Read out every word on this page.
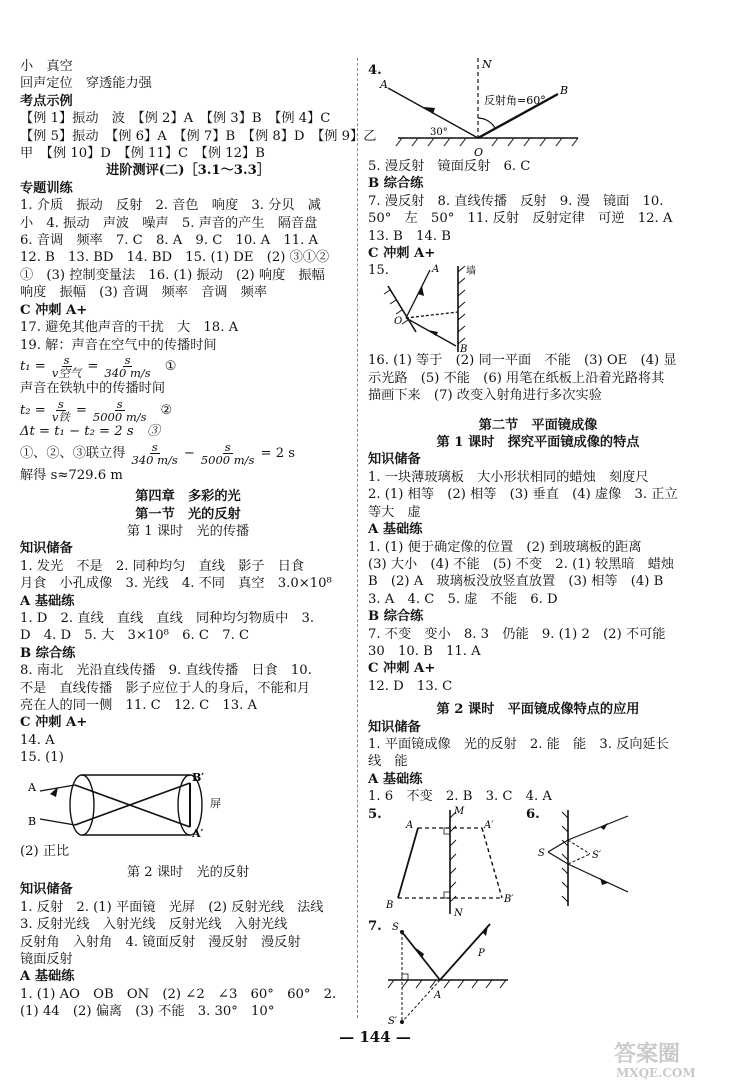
小　真空
回声定位　穿透能力强
考点示例
【例 1】振动　波　【例 2】A　【例 3】B　【例 4】C
【例 5】振动　【例 6】A　【例 7】B　【例 8】D　【例 9】乙
甲　【例 10】D　【例 11】C　【例 12】B
进阶测评(二)［3.1～3.3］
专题训练
1. 介质　振动　反射　2. 音色　响度　3. 分贝　减
小　4. 振动　声波　噪声　5. 声音的产生　隔音盘
6. 音调　频率　7. C　8. A　9. C　10. A　11. A
12. B　13. BD　14. BD　15. (1) DE　(2) ③①②
①　(3) 控制变量法　16. (1) 振动　(2) 响度　振幅
响度　振幅　(3) 音调　频率　音调　频率
C 冲刺 A+
17. 避免其他声音的干扰　大　18. A
19. 解：声音在空气中的传播时间
$t_1 = \frac{s}{\text{v空气}} = \frac{s}{340 m/s}$ ①
声音在铁轨中的传播时间
$t_2 = \frac{s}{\text{v铁}} = \frac{s}{5000 m/s}$ ②
Δt = t₁ − t₂ = 2 s　③
①、②、③联立得 $\frac{s}{340 m/s} - \frac{s}{5000 m/s} = 2$ s
解得 s≈729.6 m
第四章　多彩的光
第一节　光的反射
第 1 课时　光的传播
知识储备
1. 发光　不是　2. 同种均匀　直线　影子　日食
月食　小孔成像　3. 光线　4. 不同　真空　3.0×10⁸
A 基础练
1. D　2. 直线　直线　直线　同种均匀物质中　3.
D　4. D　5. 大　3×10⁸　6. C　7. C
B 综合练
8. 南北　光沿直线传播　9. 直线传播　日食　10.
不是　直线传播　影子应位于人的身后，不能和月
亮在人的同一侧　11. C　12. C　13. A
C 冲刺 A+
14. A
15. (1)
B′
A
B
A′
屏
(2) 正比
第 2 课时　光的反射
知识储备
1. 反射　2. (1) 平面镜　光屏　(2) 反射光线　法线
3. 反射光线　入射光线　反射光线　入射光线
反射角　入射角　4. 镜面反射　漫反射　漫反射
镜面反射
A 基础练
1. (1) AO　OB　ON　(2) ∠2　∠3　60°　60°　2.
(1) 44　(2) 偏离　(3) 不能　3. 30°　10°
4.	N
A	B
反射角=60°
30°
O
5. 漫反射　镜面反射　6. C
B 综合练
7. 漫反射　8. 直线传播　反射　9. 漫　镜面　10.
50°　左　50°　11. 反射　反射定律　可逆　12. A
13. B　14. B
C 冲刺 A+
15.	A	墙
O
B
16. (1) 等于　(2) 同一平面　不能　(3) OE　(4) 显
示光路　(5) 不能　(6) 用笔在纸板上沿着光路将其
描画下来　(7) 改变入射角进行多次实验
第二节　平面镜成像
第 1 课时　探究平面镜成像的特点
知识储备
1. 一块薄玻璃板　大小形状相同的蜡烛　刻度尺
2. (1) 相等　(2) 相等　(3) 垂直　(4) 虚像　3. 正立
等大　虚
A 基础练
1. (1) 便于确定像的位置　(2) 到玻璃板的距离
(3) 大小　(4) 不能　(5) 不变　2. (1) 较黑暗　蜡烛
B　(2) A　玻璃板没放竖直放置　(3) 相等　(4) B
3. A　4. C　5. 虚　不能　6. D
B 综合练
7. 不变　变小　8. 3　仍能　9. (1) 2　(2) 不可能
30　10. B　11. A
C 冲刺 A+
12. D　13. C
第 2 课时　平面镜成像特点的应用
知识储备
1. 平面镜成像　光的反射　2. 能　能　3. 反向延长
线　能
A 基础练
1. 6　不变　2. B　3. C　4. A
5.	6.
M
A	A′
B
B′
N
S	S′
7. S
P
A
S′
— 144 —
答案圈
MXQE.COM
